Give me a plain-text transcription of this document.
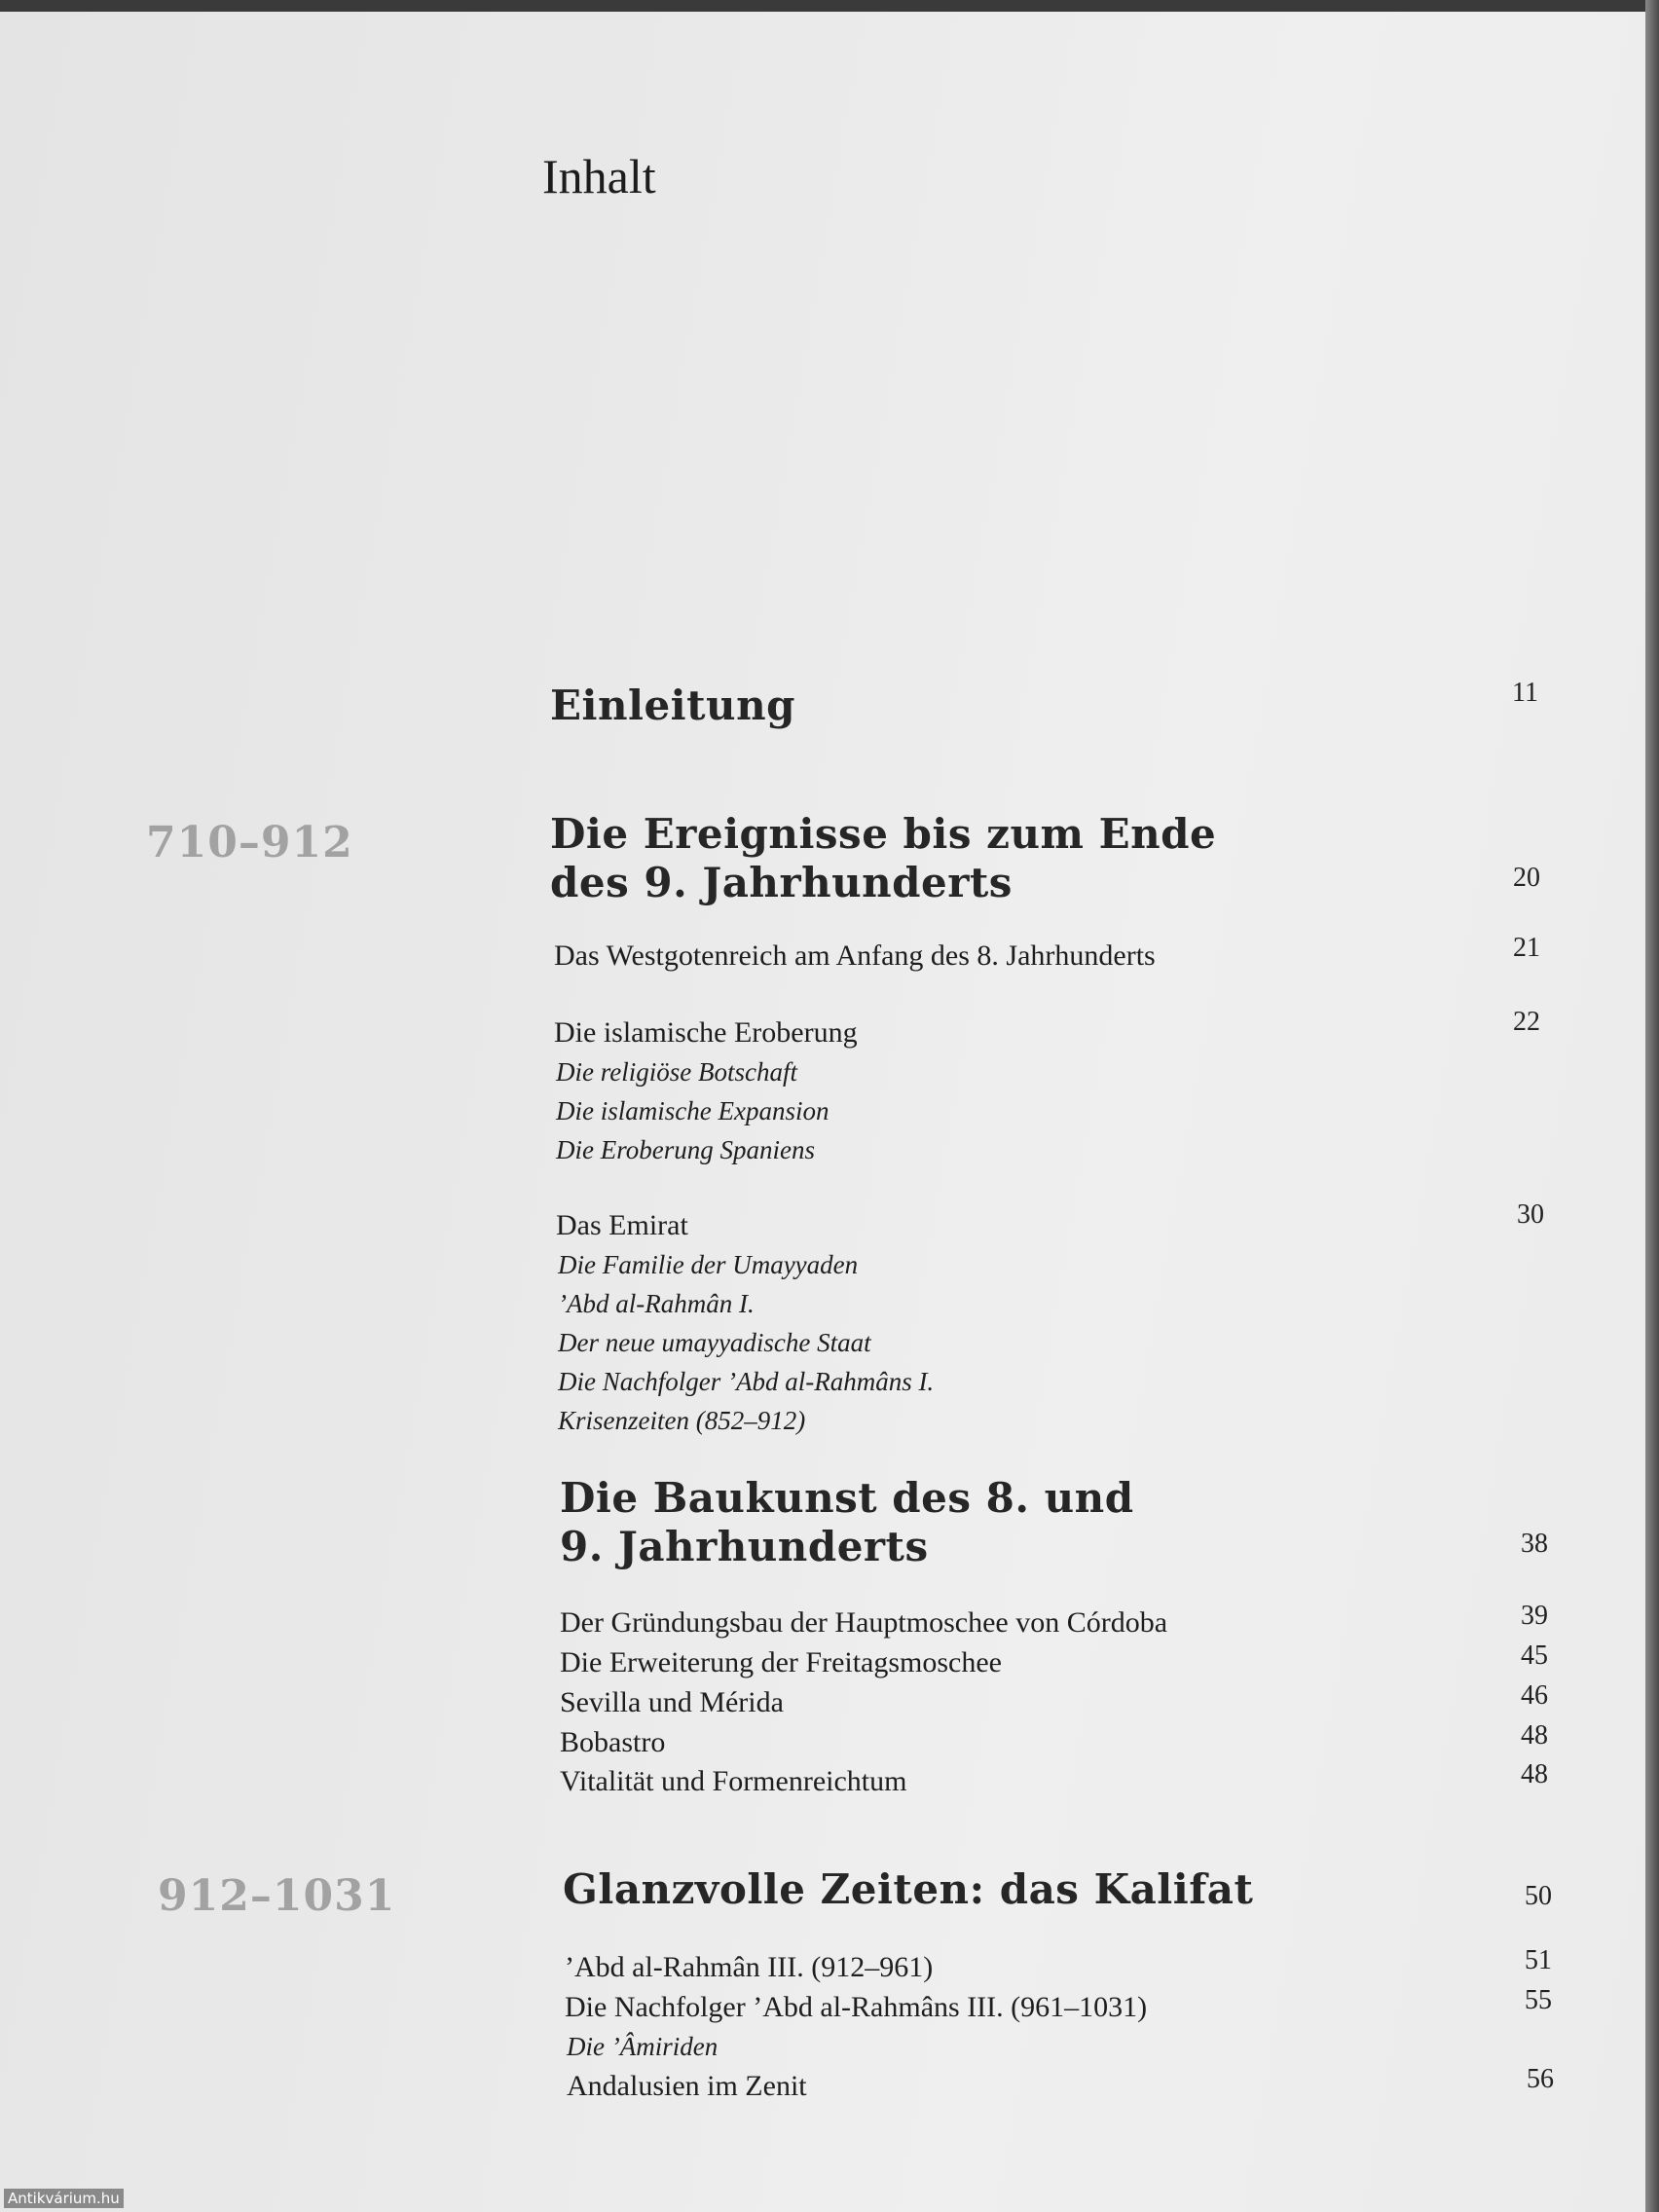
Inhalt
Einleitung	11
710–912	Die Ereignisse bis zum Ende
des 9. Jahrhunderts	20
Das Westgotenreich am Anfang des 8. Jahrhunderts	21
Die islamische Eroberung	22
Die religiöse Botschaft
Die islamische Expansion
Die Eroberung Spaniens
Das Emirat	30
Die Familie der Umayyaden
’Abd al-Rahmân I.
Der neue umayyadische Staat
Die Nachfolger ’Abd al-Rahmâns I.
Krisenzeiten (852–912)
Die Baukunst des 8. und
9. Jahrhunderts	38
Der Gründungsbau der Hauptmoschee von Córdoba	39
Die Erweiterung der Freitagsmoschee	45
Sevilla und Mérida	46
Bobastro	48
Vitalität und Formenreichtum	48
912–1031	Glanzvolle Zeiten: das Kalifat	50
’Abd al-Rahmân III. (912–961)	51
Die Nachfolger ’Abd al-Rahmâns III. (961–1031)	55
Die ’Âmiriden
Andalusien im Zenit	56
Antikvárium.hu
